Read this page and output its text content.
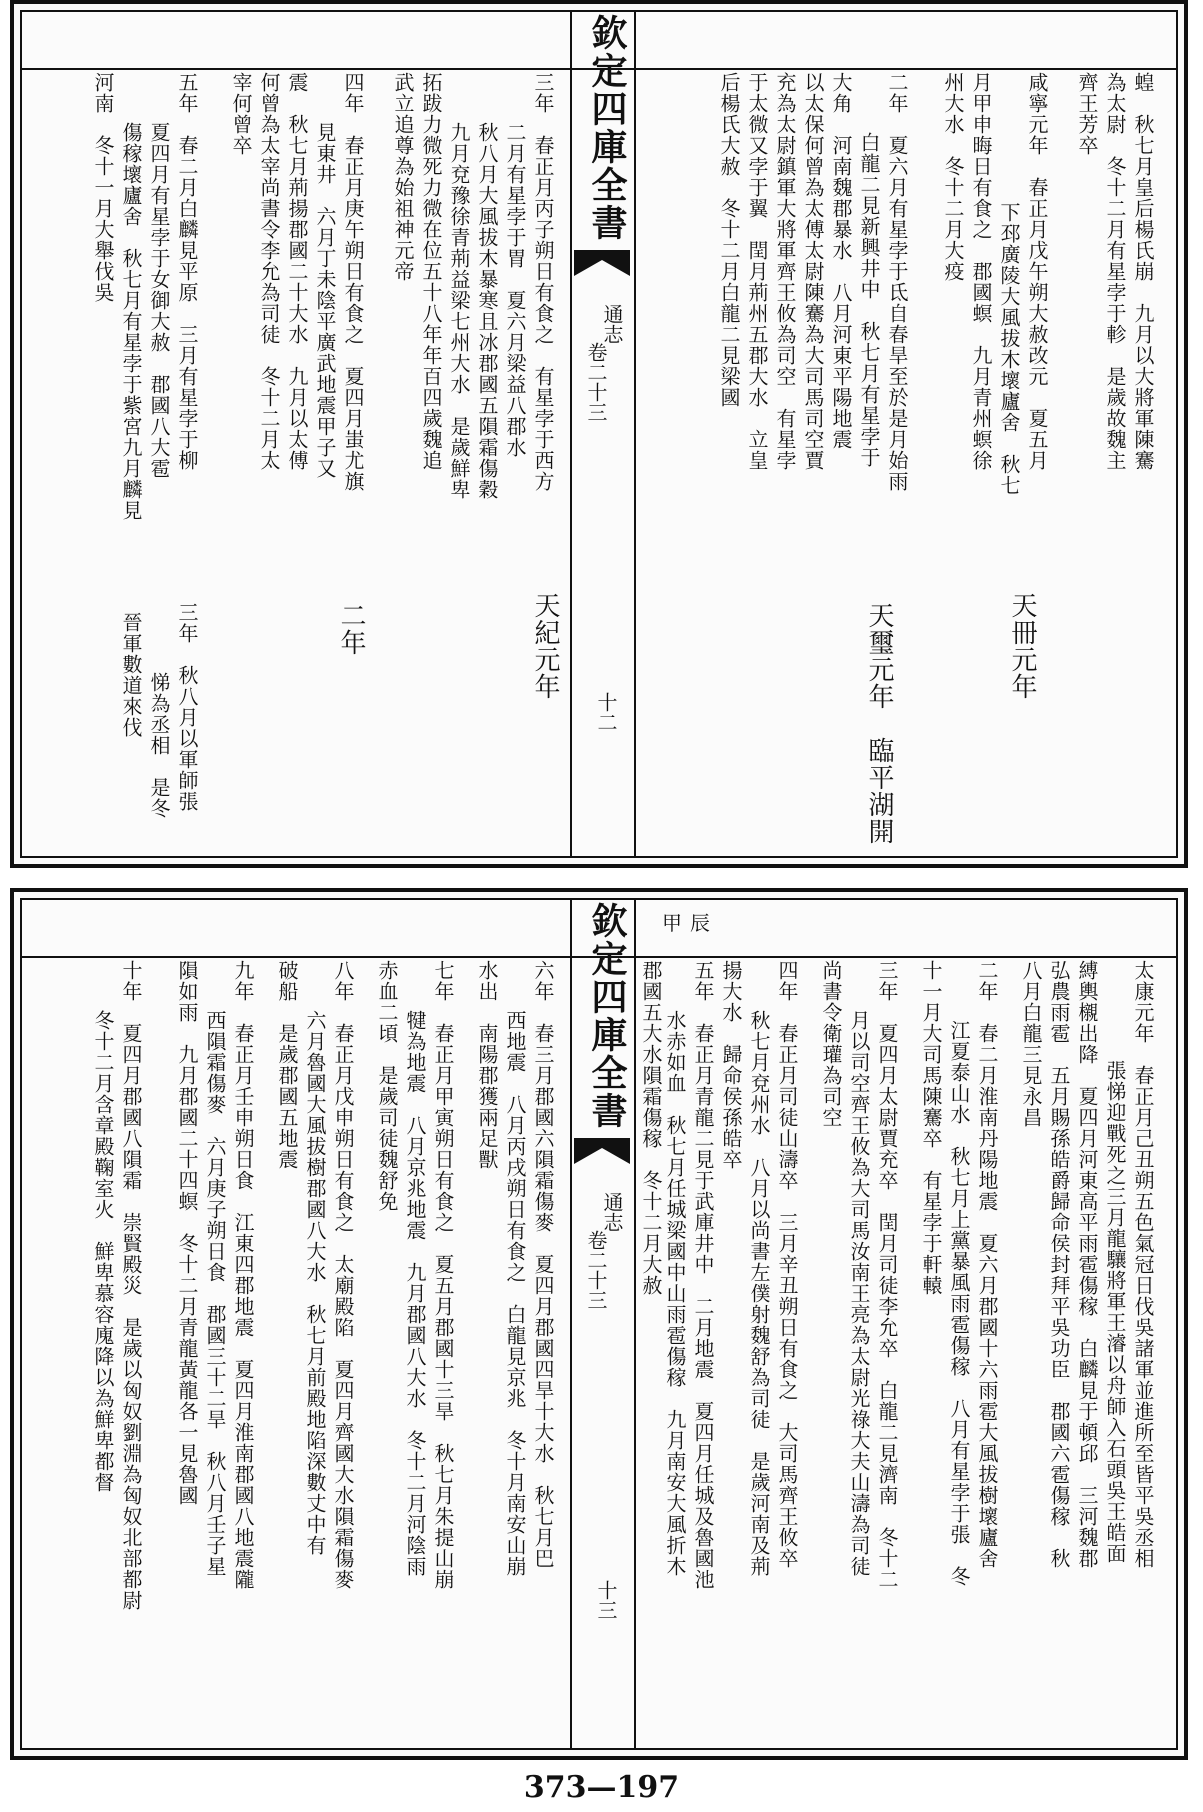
欽定四庫全書
通志
卷二十三
十二
蝗　秋七月皇后楊氏崩　九月以大將軍陳騫
為太尉　冬十二月有星孛于軫　是歲故魏主
齊王芳卒
咸寧元年　春正月戊午朔大赦改元　夏五月
下邳廣陵大風拔木壞廬舍　秋七
月甲申晦日有食之　郡國螟　九月青州螟徐
州大水　冬十二月大疫
天冊元年
二年　夏六月有星孛于氐自春旱至於是月始雨
白龍二見新興井中　秋七月有星孛于
大角　河南魏郡暴水　八月河東平陽地震
以太保何曾為太傅太尉陳騫為大司馬司空賈
充為太尉鎮軍大將軍齊王攸為司空　有星孛
于太微又孛于翼　閏月荊州五郡大水　立皇
后楊氏大赦　冬十二月白龍二見梁國
天璽元年　臨平湖開
三年　春正月丙子朔日有食之　有星孛于西方
二月有星孛于胃　夏六月梁益八郡水
秋八月大風拔木暴寒且冰郡國五隕霜傷穀
九月兗豫徐青荊益梁七州大水　是歲鮮卑
拓跋力微死力微在位五十八年年百四歲魏追
武立追尊為始祖神元帝
天紀元年
四年　春正月庚午朔日有食之　夏四月蚩尤旗
見東井　六月丁未陰平廣武地震甲子又
震　秋七月荊揚郡國二十大水　九月以太傅
何曾為太宰尚書令李允為司徒　冬十二月太
宰何曾卒
二年
五年　春二月白麟見平原　三月有星孛于柳
夏四月有星孛于女御大赦　郡國八大雹
傷稼壞廬舍　秋七月有星孛于紫宮九月麟見
河南　冬十一月大舉伐吳
三年　秋八月以軍師張
悌為丞相　是冬
晉軍數道來伐
欽定四庫全書
通志
卷二十三
十三
甲辰
太康元年　春正月己丑朔五色氣冠日伐吳諸軍並進所至皆平吳丞相
張悌迎戰死之三月龍驤將軍王濬以舟師入石頭吳王皓面
縛輿櫬出降　夏四月河東高平雨雹傷稼　白麟見于頓邱　三河魏郡
弘農雨雹　五月賜孫皓爵歸命侯封拜平吳功臣　郡國六雹傷稼　秋
八月白龍三見永昌
二年　春二月淮南丹陽地震　夏六月郡國十六雨雹大風拔樹壞廬舍
江夏泰山水　秋七月上黨暴風雨雹傷稼　八月有星孛于張　冬
十一月大司馬陳騫卒　有星孛于軒轅
三年　夏四月太尉賈充卒　閏月司徒李允卒　白龍二見濟南　冬十二
月以司空齊王攸為大司馬汝南王亮為太尉光祿大夫山濤為司徒
尚書令衛瓘為司空
四年　春正月司徒山濤卒　三月辛丑朔日有食之　大司馬齊王攸卒
秋七月兗州水　八月以尚書左僕射魏舒為司徒　是歲河南及荊
揚大水　歸命侯孫皓卒
五年　春正月青龍二見于武庫井中　二月地震　夏四月任城及魯國池
水赤如血　秋七月任城梁國中山雨雹傷稼　九月南安大風折木
郡國五大水隕霜傷稼　冬十二月大赦
六年　春三月郡國六隕霜傷麥　夏四月郡國四旱十大水　秋七月巴
西地震　八月丙戌朔日有食之　白龍見京兆　冬十月南安山崩
水出　南陽郡獲兩足獸
七年　春正月甲寅朔日有食之　夏五月郡國十三旱　秋七月朱提山崩
犍為地震　八月京兆地震　九月郡國八大水　冬十二月河陰雨
赤血二頃　是歲司徒魏舒免
八年　春正月戊申朔日有食之　太廟殿陷　夏四月齊國大水隕霜傷麥
六月魯國大風拔樹郡國八大水　秋七月前殿地陷深數丈中有
破船　是歲郡國五地震
九年　春正月壬申朔日食　江東四郡地震　夏四月淮南郡國八地震隴
西隕霜傷麥　六月庚子朔日食　郡國三十二旱　秋八月壬子星
隕如雨　九月郡國二十四螟　冬十二月青龍黃龍各一見魯國
十年　夏四月郡國八隕霜　崇賢殿災　是歲以匈奴劉淵為匈奴北部都尉
冬十二月含章殿鞠室火　鮮卑慕容廆降以為鮮卑都督
373—197
